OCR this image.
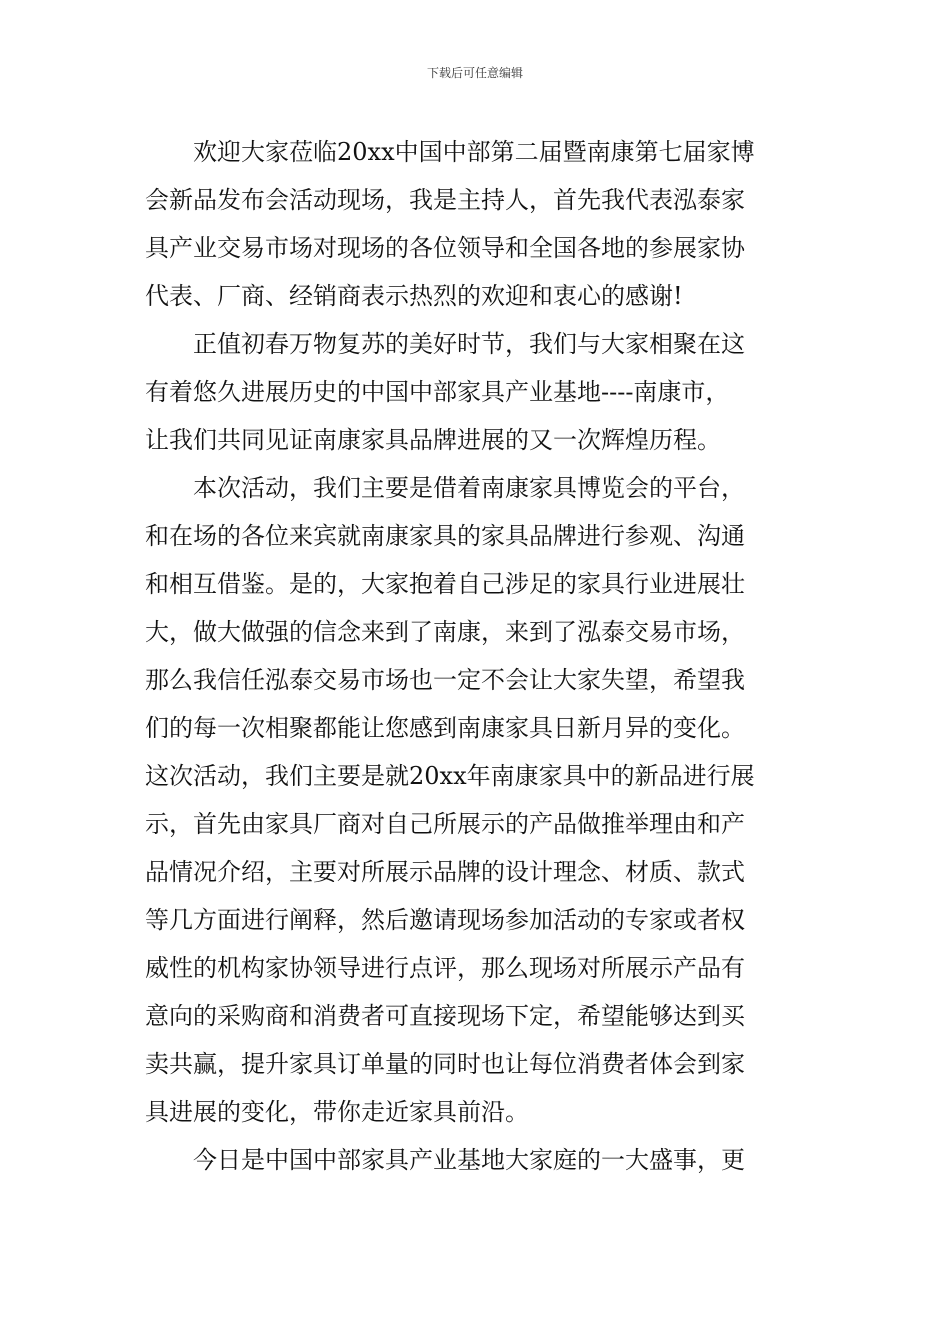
下载后可任意编辑
欢迎大家莅临20xx中国中部第二届暨南康第七届家博
会新品发布会活动现场，我是主持人，首先我代表泓泰家
具产业交易市场对现场的各位领导和全国各地的参展家协
代表、厂商、经销商表示热烈的欢迎和衷心的感谢!
正值初春万物复苏的美好时节，我们与大家相聚在这
有着悠久进展历史的中国中部家具产业基地----南康市，
让我们共同见证南康家具品牌进展的又一次辉煌历程。
本次活动，我们主要是借着南康家具博览会的平台，
和在场的各位来宾就南康家具的家具品牌进行参观、沟通
和相互借鉴。是的，大家抱着自己涉足的家具行业进展壮
大，做大做强的信念来到了南康，来到了泓泰交易市场，
那么我信任泓泰交易市场也一定不会让大家失望，希望我
们的每一次相聚都能让您感到南康家具日新月异的变化。
这次活动，我们主要是就20xx年南康家具中的新品进行展
示，首先由家具厂商对自己所展示的产品做推举理由和产
品情况介绍，主要对所展示品牌的设计理念、材质、款式
等几方面进行阐释，然后邀请现场参加活动的专家或者权
威性的机构家协领导进行点评，那么现场对所展示产品有
意向的采购商和消费者可直接现场下定，希望能够达到买
卖共赢，提升家具订单量的同时也让每位消费者体会到家
具进展的变化，带你走近家具前沿。
今日是中国中部家具产业基地大家庭的一大盛事，更
